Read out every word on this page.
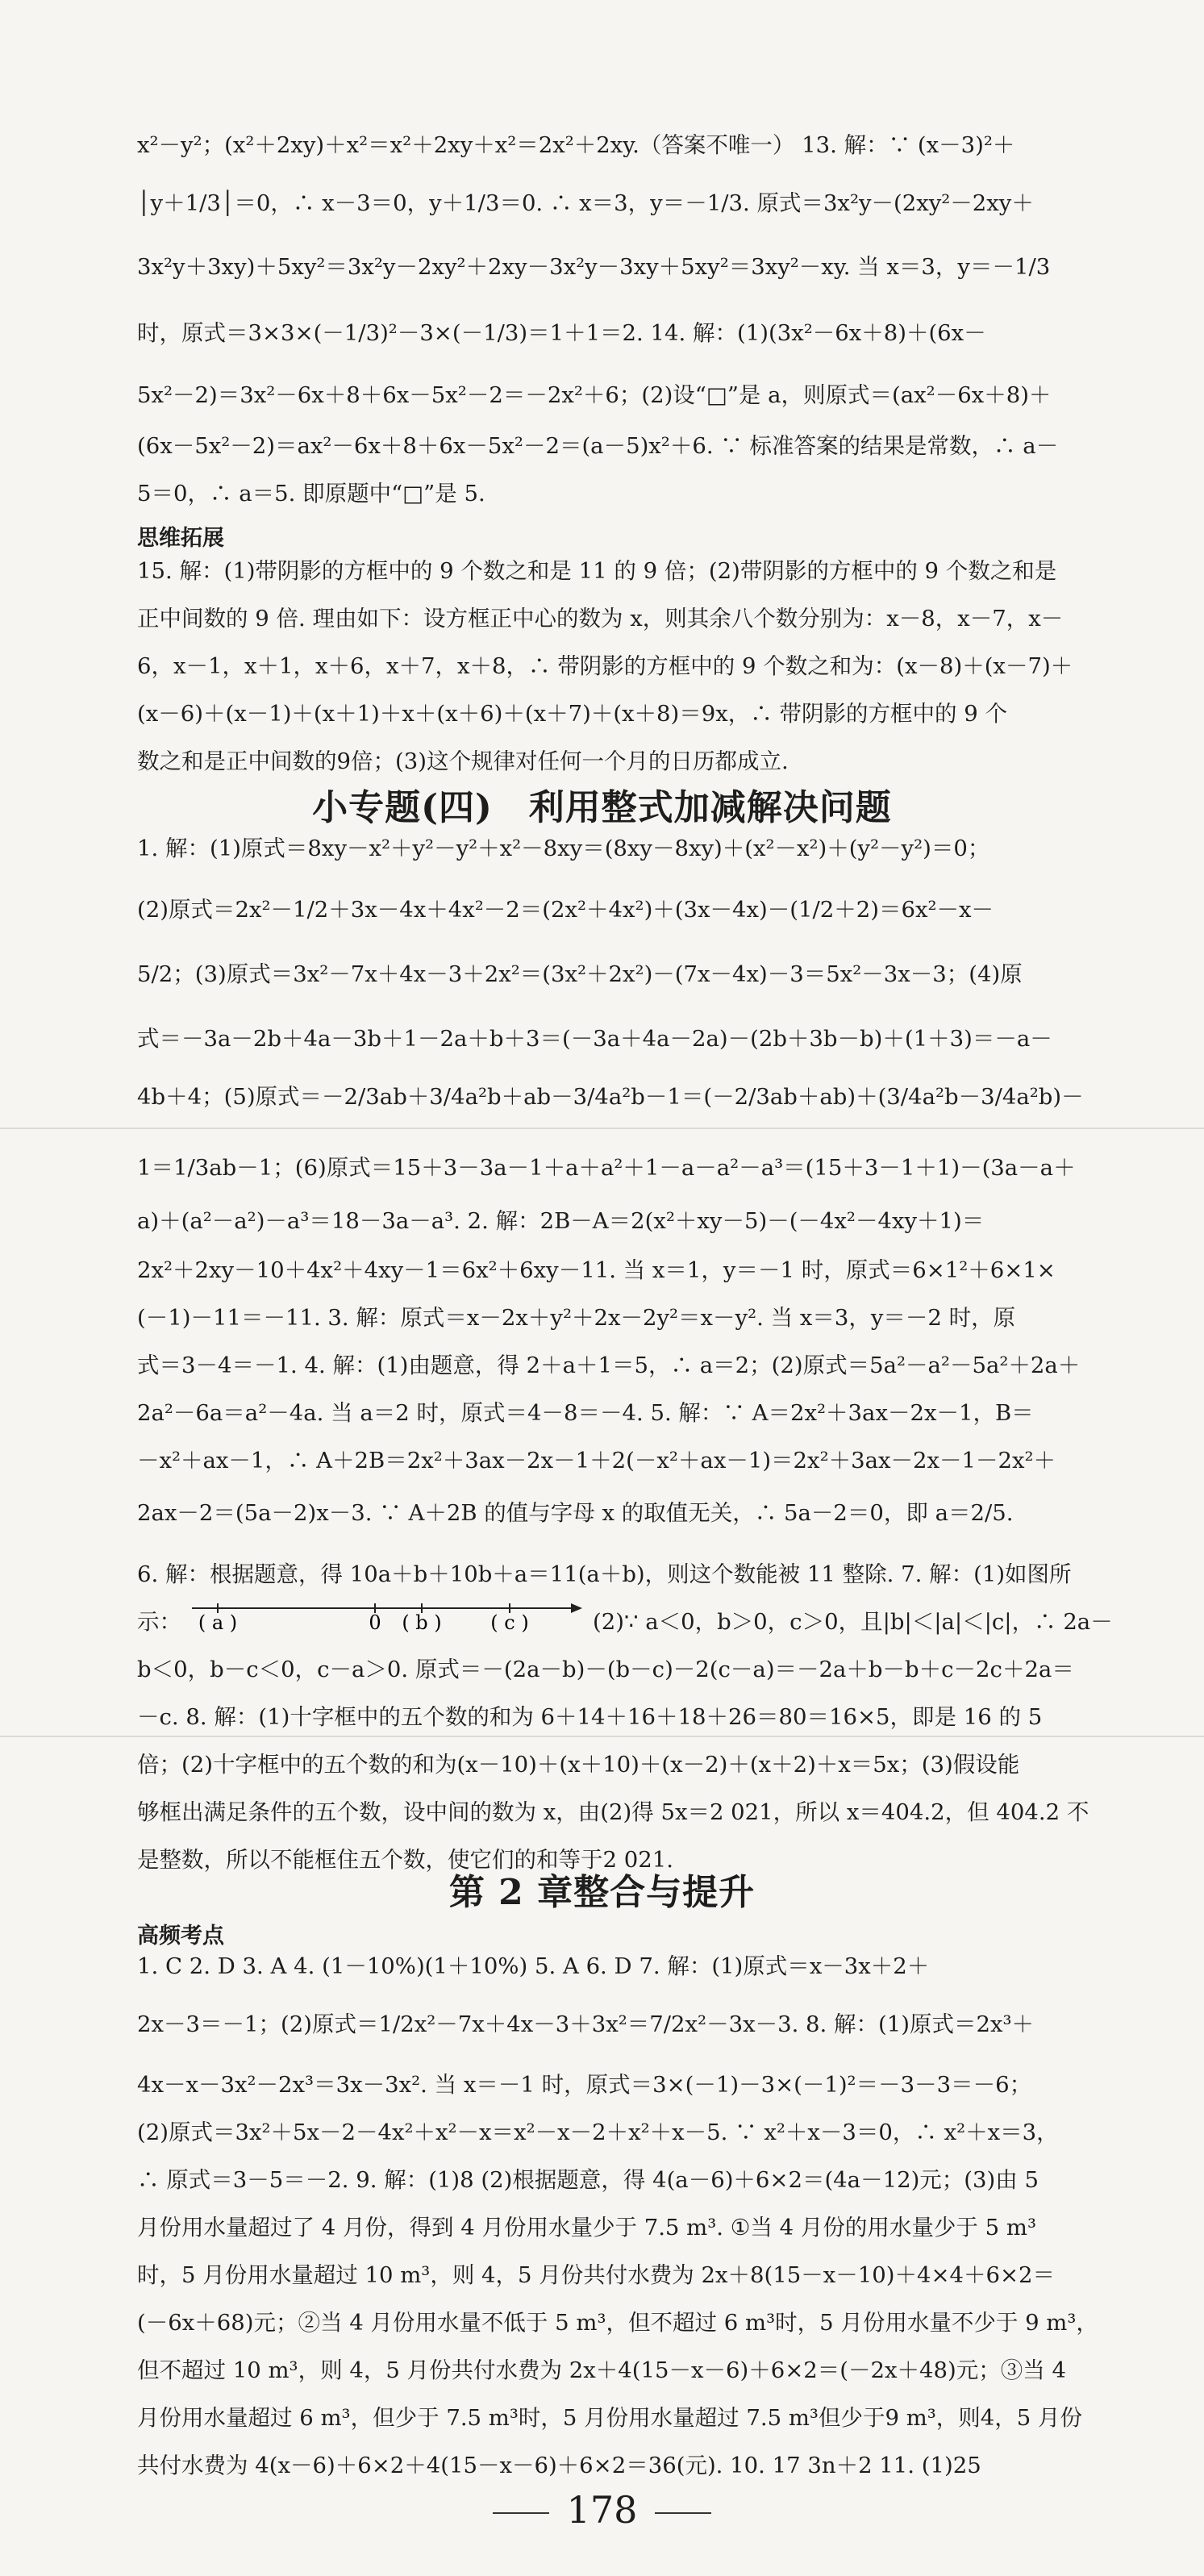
x²－y²；(x²＋2xy)＋x²＝x²＋2xy＋x²＝2x²＋2xy.（答案不唯一） 13. 解：∵ (x－3)²＋
│y＋1/3│＝0，∴ x－3＝0，y＋1/3＝0. ∴ x＝3，y＝－1/3. 原式＝3x²y－(2xy²－2xy＋
3x²y＋3xy)＋5xy²＝3x²y－2xy²＋2xy－3x²y－3xy＋5xy²＝3xy²－xy. 当 x＝3，y＝－1/3
时，原式＝3×3×(－1/3)²－3×(－1/3)＝1＋1＝2. 14. 解：(1)(3x²－6x＋8)＋(6x－
5x²－2)＝3x²－6x＋8＋6x－5x²－2＝－2x²＋6；(2)设“□”是 a，则原式＝(ax²－6x＋8)＋
(6x－5x²－2)＝ax²－6x＋8＋6x－5x²－2＝(a－5)x²＋6. ∵ 标准答案的结果是常数，∴ a－
5＝0，∴ a＝5. 即原题中“□”是 5.
思维拓展
15. 解：(1)带阴影的方框中的 9 个数之和是 11 的 9 倍；(2)带阴影的方框中的 9 个数之和是
正中间数的 9 倍. 理由如下：设方框正中心的数为 x，则其余八个数分别为：x－8，x－7，x－
6，x－1，x＋1，x＋6，x＋7，x＋8，∴ 带阴影的方框中的 9 个数之和为：(x－8)＋(x－7)＋
(x－6)＋(x－1)＋(x＋1)＋x＋(x＋6)＋(x＋7)＋(x＋8)＝9x，∴ 带阴影的方框中的 9 个
数之和是正中间数的9倍；(3)这个规律对任何一个月的日历都成立.
小专题(四)　利用整式加减解决问题
1. 解：(1)原式＝8xy－x²＋y²－y²＋x²－8xy＝(8xy－8xy)＋(x²－x²)＋(y²－y²)＝0；
(2)原式＝2x²－1/2＋3x－4x＋4x²－2＝(2x²＋4x²)＋(3x－4x)－(1/2＋2)＝6x²－x－
5/2；(3)原式＝3x²－7x＋4x－3＋2x²＝(3x²＋2x²)－(7x－4x)－3＝5x²－3x－3；(4)原
式＝－3a－2b＋4a－3b＋1－2a＋b＋3＝(－3a＋4a－2a)－(2b＋3b－b)＋(1＋3)＝－a－
4b＋4；(5)原式＝－2/3ab＋3/4a²b＋ab－3/4a²b－1＝(－2/3ab＋ab)＋(3/4a²b－3/4a²b)－
1＝1/3ab－1；(6)原式＝15＋3－3a－1＋a＋a²＋1－a－a²－a³＝(15＋3－1＋1)－(3a－a＋
a)＋(a²－a²)－a³＝18－3a－a³. 2. 解：2B－A＝2(x²＋xy－5)－(－4x²－4xy＋1)＝
2x²＋2xy－10＋4x²＋4xy－1＝6x²＋6xy－11. 当 x＝1，y＝－1 时，原式＝6×1²＋6×1×
(－1)－11＝－11. 3. 解：原式＝x－2x＋y²＋2x－2y²＝x－y². 当 x＝3，y＝－2 时，原
式＝3－4＝－1. 4. 解：(1)由题意，得 2＋a＋1＝5，∴ a＝2；(2)原式＝5a²－a²－5a²＋2a＋
2a²－6a＝a²－4a. 当 a＝2 时，原式＝4－8＝－4. 5. 解：∵ A＝2x²＋3ax－2x－1，B＝
－x²＋ax－1，∴ A＋2B＝2x²＋3ax－2x－1＋2(－x²＋ax－1)＝2x²＋3ax－2x－1－2x²＋
2ax－2＝(5a－2)x－3. ∵ A＋2B 的值与字母 x 的取值无关，∴ 5a－2＝0，即 a＝2/5.
6. 解：根据题意，得 10a＋b＋10b＋a＝11(a＋b)，则这个数能被 11 整除. 7. 解：(1)如图所
示： ( a )	0 ( b )	( c )	(2)∵ a＜0，b＞0，c＞0，且|b|＜|a|＜|c|，∴ 2a－
b＜0，b－c＜0，c－a＞0. 原式＝－(2a－b)－(b－c)－2(c－a)＝－2a＋b－b＋c－2c＋2a＝
－c. 8. 解：(1)十字框中的五个数的和为 6＋14＋16＋18＋26＝80＝16×5，即是 16 的 5
倍；(2)十字框中的五个数的和为(x－10)＋(x＋10)＋(x－2)＋(x＋2)＋x＝5x；(3)假设能
够框出满足条件的五个数，设中间的数为 x，由(2)得 5x＝2 021，所以 x＝404.2，但 404.2 不
是整数，所以不能框住五个数，使它们的和等于2 021.
第 2 章整合与提升
高频考点
1. C 2. D 3. A 4. (1－10%)(1＋10%) 5. A 6. D 7. 解：(1)原式＝x－3x＋2＋
2x－3＝－1；(2)原式＝1/2x²－7x＋4x－3＋3x²＝7/2x²－3x－3. 8. 解：(1)原式＝2x³＋
4x－x－3x²－2x³＝3x－3x². 当 x＝－1 时，原式＝3×(－1)－3×(－1)²＝－3－3＝－6；
(2)原式＝3x²＋5x－2－4x²＋x²－x＝x²－x－2＋x²＋x－5. ∵ x²＋x－3＝0，∴ x²＋x＝3，
∴ 原式＝3－5＝－2. 9. 解：(1)8 (2)根据题意，得 4(a－6)＋6×2＝(4a－12)元；(3)由 5
月份用水量超过了 4 月份，得到 4 月份用水量少于 7.5 m³. ①当 4 月份的用水量少于 5 m³
时，5 月份用水量超过 10 m³，则 4，5 月份共付水费为 2x＋8(15－x－10)＋4×4＋6×2＝
(－6x＋68)元；②当 4 月份用水量不低于 5 m³，但不超过 6 m³时，5 月份用水量不少于 9 m³，
但不超过 10 m³，则 4，5 月份共付水费为 2x＋4(15－x－6)＋6×2＝(－2x＋48)元；③当 4
月份用水量超过 6 m³，但少于 7.5 m³时，5 月份用水量超过 7.5 m³但少于9 m³，则4，5 月份
共付水费为 4(x－6)＋6×2＋4(15－x－6)＋6×2＝36(元). 10. 17 3n＋2 11. (1)25
178
